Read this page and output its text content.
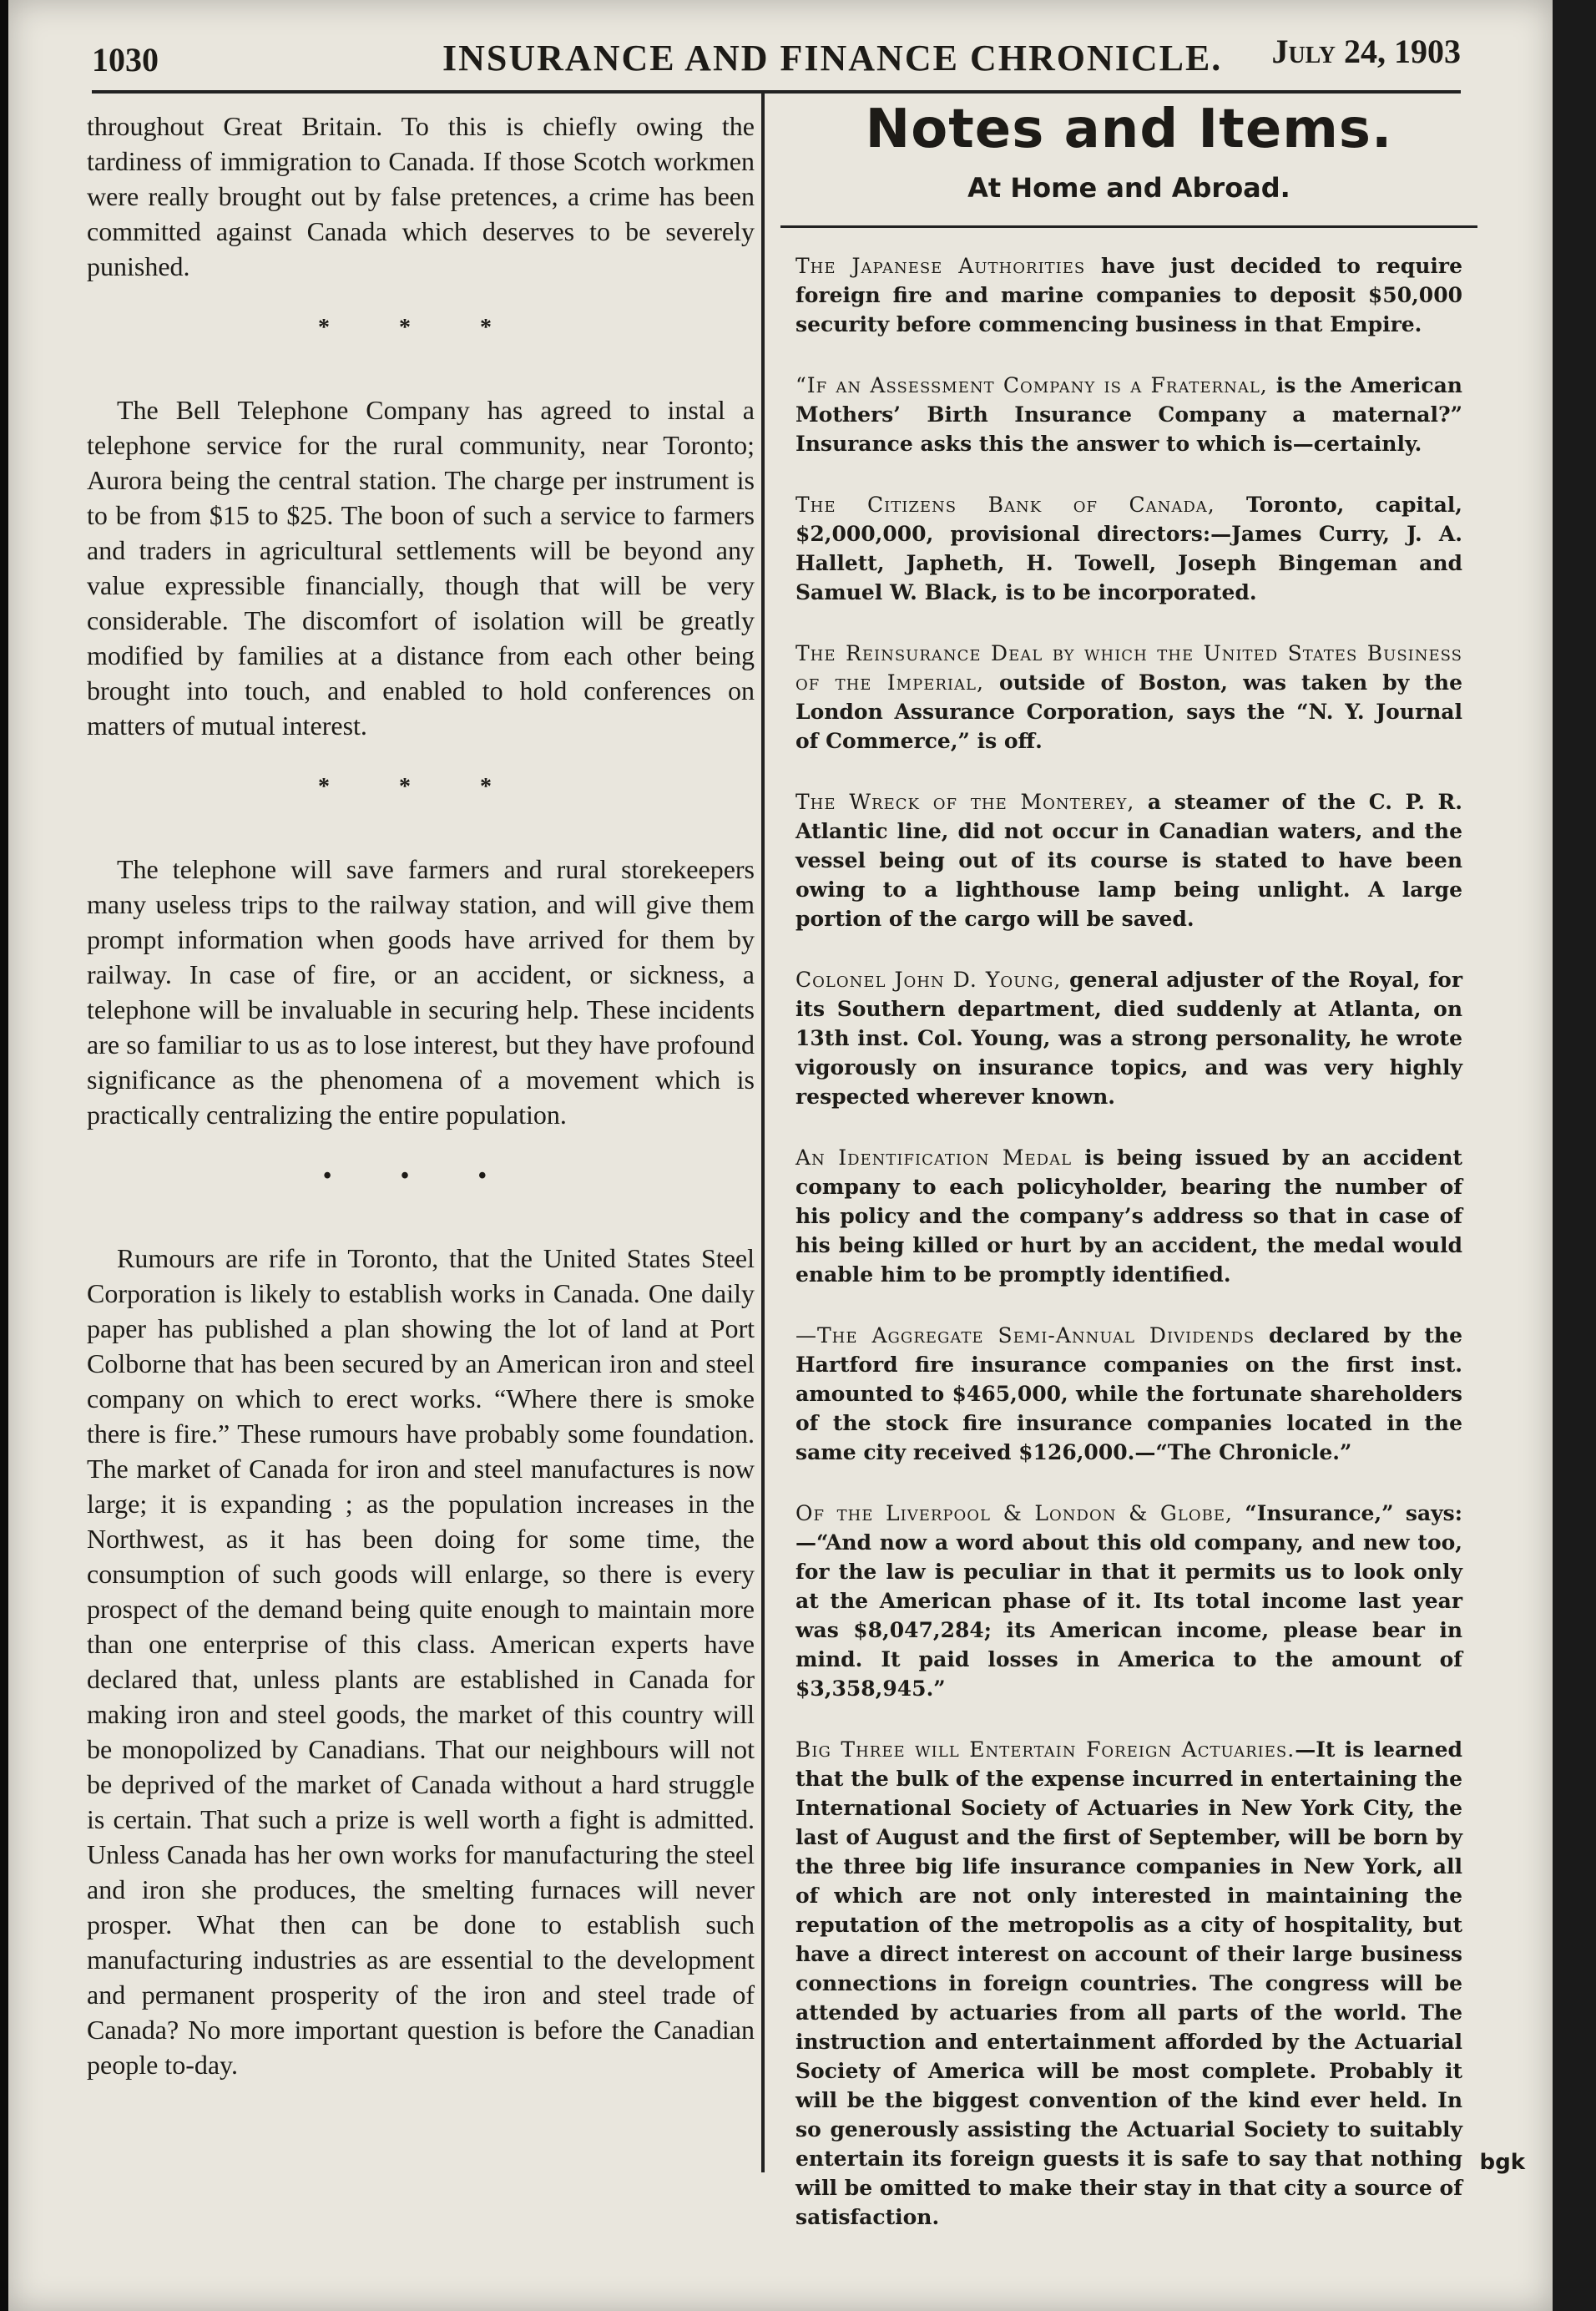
1030	INSURANCE AND FINANCE CHRONICLE. July 24, 1903

throughout Great Britain. To this is chiefly owing the tardiness of immigration to Canada. If those Scotch workmen were really brought out by false pretences, a crime has been committed against Canada which deserves to be severely punished.

* * *

The Bell Telephone Company has agreed to instal a telephone service for the rural community, near Toronto; Aurora being the central station. The charge per instrument is to be from $15 to $25. The boon of such a service to farmers and traders in agricultural settlements will be beyond any value expressible financially, though that will be very considerable. The discomfort of isolation will be greatly modified by families at a distance from each other being brought into touch, and enabled to hold conferences on matters of mutual interest.

* * *

The telephone will save farmers and rural storekeepers many useless trips to the railway station, and will give them prompt information when goods have arrived for them by railway. In case of fire, or an accident, or sickness, a telephone will be invaluable in securing help. These incidents are so familiar to us as to lose interest, but they have profound significance as the phenomena of a movement which is practically centralizing the entire population.

• • •

Rumours are rife in Toronto, that the United States Steel Corporation is likely to establish works in Canada. One daily paper has published a plan showing the lot of land at Port Colborne that has been secured by an American iron and steel company on which to erect works. “Where there is smoke there is fire.” These rumours have probably some foundation. The market of Canada for iron and steel manufactures is now large; it is expanding ; as the population increases in the Northwest, as it has been doing for some time, the consumption of such goods will enlarge, so there is every prospect of the demand being quite enough to maintain more than one enterprise of this class. American experts have declared that, unless plants are established in Canada for making iron and steel goods, the market of this country will be monopolized by Canadians. That our neighbours will not be deprived of the market of Canada without a hard struggle is certain. That such a prize is well worth a fight is admitted. Unless Canada has her own works for manufacturing the steel and iron she produces, the smelting furnaces will never prosper. What then can be done to establish such manufacturing industries as are essential to the development and permanent prosperity of the iron and steel trade of Canada? No more important question is before the Canadian people to-day.

Notes and Items.
At Home and Abroad.

The Japanese Authorities have just decided to require foreign fire and marine companies to deposit $50,000 security before commencing business in that Empire.

“If an Assessment Company is a Fraternal, is the American Mothers’ Birth Insurance Company a maternal?” Insurance asks this the answer to which is—certainly.

The Citizens Bank of Canada, Toronto, capital, $2,000,000, provisional directors:—James Curry, J. A. Hallett, Japheth, H. Towell, Joseph Bingeman and Samuel W. Black, is to be incorporated.

The Reinsurance Deal by which the United States Business of the Imperial, outside of Boston, was taken by the London Assurance Corporation, says the “N. Y. Journal of Commerce,” is off.

The Wreck of the Monterey, a steamer of the C. P. R. Atlantic line, did not occur in Canadian waters, and the vessel being out of its course is stated to have been owing to a lighthouse lamp being unlight. A large portion of the cargo will be saved.

Colonel John D. Young, general adjuster of the Royal, for its Southern department, died suddenly at Atlanta, on 13th inst. Col. Young, was a strong personality, he wrote vigorously on insurance topics, and was very highly respected wherever known.

An Identification Medal is being issued by an accident company to each policyholder, bearing the number of his policy and the company’s address so that in case of his being killed or hurt by an accident, the medal would enable him to be promptly identified.

—The Aggregate Semi-Annual Dividends declared by the Hartford fire insurance companies on the first inst. amounted to $465,000, while the fortunate shareholders of the stock fire insurance companies located in the same city received $126,000.—“The Chronicle.”

Of the Liverpool & London & Globe, “Insurance,” says:—“And now a word about this old company, and new too, for the law is peculiar in that it permits us to look only at the American phase of it. Its total income last year was $8,047,284; its American income, please bear in mind. It paid losses in America to the amount of $3,358,945.”

Big Three will Entertain Foreign Actuaries.—It is learned that the bulk of the expense incurred in entertaining the International Society of Actuaries in New York City, the last of August and the first of September, will be born by the three big life insurance companies in New York, all of which are not only interested in maintaining the reputation of the metropolis as a city of hospitality, but have a direct interest on account of their large business connections in foreign countries. The congress will be attended by actuaries from all parts of the world. The instruction and entertainment afforded by the Actuarial Society of America will be most complete. Probably it will be the biggest convention of the kind ever held. In so generously assisting the Actuarial Society to suitably entertain its foreign guests it is safe to say that nothing will be omitted to make their stay in that city a source of satisfaction.

bgk
